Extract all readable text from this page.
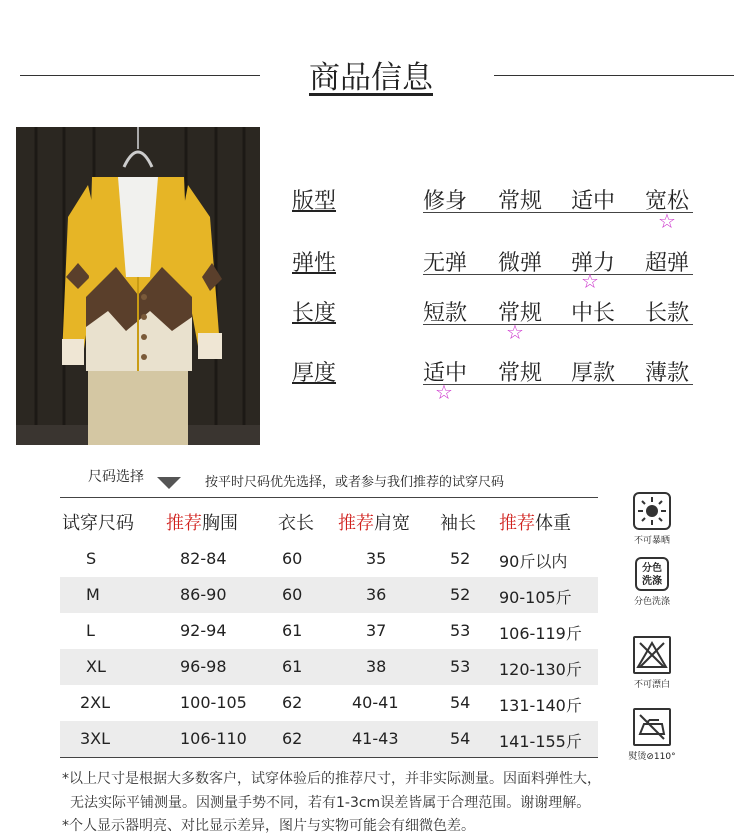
商品信息
版型	修身 常规 适中 宽松
☆
弹性	无弹 微弹 弹力 超弹
☆
长度	短款 常规 中长 长款
☆
厚度	适中 常规 厚款 薄款
☆
尺码选择	按平时尺码优先选择，或者参与我们推荐的试穿尺码
试穿尺码 推荐胸围 衣长 推荐肩宽 袖长 推荐体重
S	82-84	60	35	52 90斤以内
M	86-90	60	36	52 90-105斤
L	92-94	61	37	53 106-119斤
XL	96-98	61	38	53 120-130斤
2XL	100-105 62	40-41	54 131-140斤
3XL	106-110 62	41-43	54 141-155斤
不可暴晒
分色
洗涤
分色洗涤
不可漂白
熨烫⊘110°
*以上尺寸是根据大多数客户，试穿体验后的推荐尺寸，并非实际测量。因面料弹性大，
无法实际平铺测量。因测量手势不同，若有1-3cm误差皆属于合理范围。谢谢理解。
*个人显示器明亮、对比显示差异，图片与实物可能会有细微色差。
